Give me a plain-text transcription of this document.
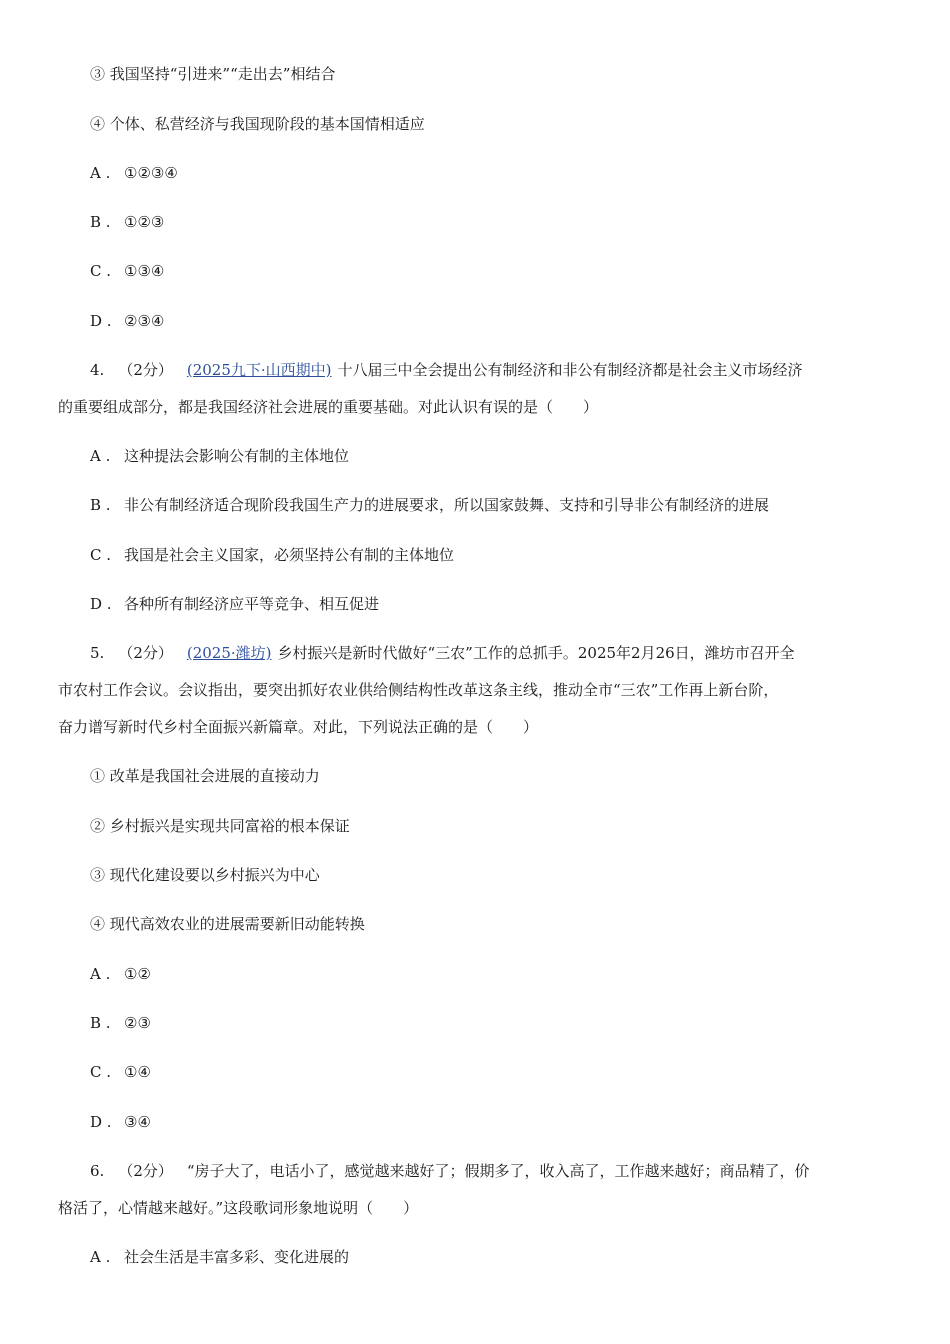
③ 我国坚持“引进来”“走出去”相结合
④ 个体、私营经济与我国现阶段的基本国情相适应
A . ①②③④
B . ①②③
C . ①③④
D . ②③④
4. （2分） (2025九下·山西期中) 十八届三中全会提出公有制经济和非公有制经济都是社会主义市场经济
的重要组成部分，都是我国经济社会进展的重要基础。对此认识有误的是（　　）
A . 这种提法会影响公有制的主体地位
B . 非公有制经济适合现阶段我国生产力的进展要求，所以国家鼓舞、支持和引导非公有制经济的进展
C . 我国是社会主义国家，必须坚持公有制的主体地位
D . 各种所有制经济应平等竞争、相互促进
5. （2分） (2025·潍坊) 乡村振兴是新时代做好“三农”工作的总抓手。2025年2月26日，潍坊市召开全
市农村工作会议。会议指出，要突出抓好农业供给侧结构性改革这条主线，推动全市“三农”工作再上新台阶，
奋力谱写新时代乡村全面振兴新篇章。对此，下列说法正确的是（　　）
① 改革是我国社会进展的直接动力
② 乡村振兴是实现共同富裕的根本保证
③ 现代化建设要以乡村振兴为中心
④ 现代高效农业的进展需要新旧动能转换
A . ①②
B . ②③
C . ①④
D . ③④
6. （2分） “房子大了，电话小了，感觉越来越好了；假期多了，收入高了，工作越来越好；商品精了，价
格活了，心情越来越好。”这段歌词形象地说明（　　）
A . 社会生活是丰富多彩、变化进展的
